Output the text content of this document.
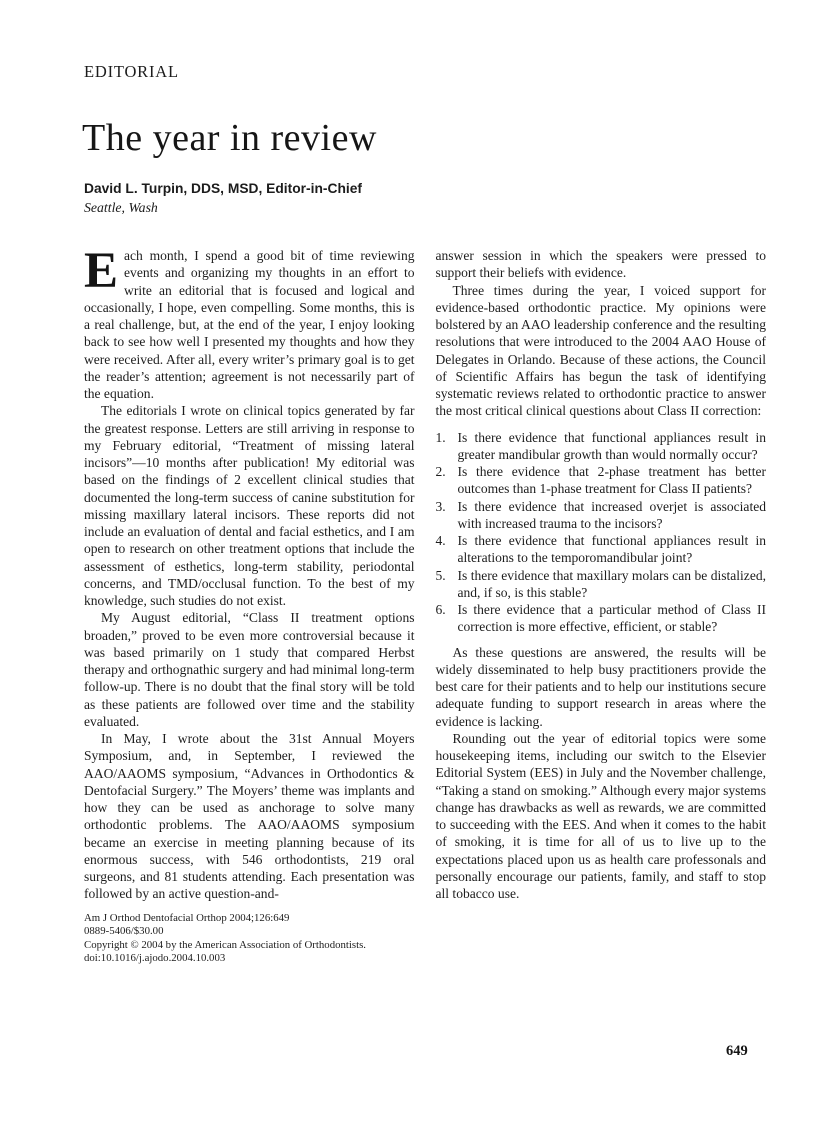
EDITORIAL
The year in review
David L. Turpin, DDS, MSD, Editor-in-Chief
Seattle, Wash

Each month, I spend a good bit of time reviewing events and organizing my thoughts in an effort to write an editorial that is focused and logical and occasionally, I hope, even compelling. Some months, this is a real challenge, but, at the end of the year, I enjoy looking back to see how well I presented my thoughts and how they were received. After all, every writer’s primary goal is to get the reader’s attention; agreement is not necessarily part of the equation.

The editorials I wrote on clinical topics generated by far the greatest response. Letters are still arriving in response to my February editorial, “Treatment of missing lateral incisors”—10 months after publication! My editorial was based on the findings of 2 excellent clinical studies that documented the long-term success of canine substitution for missing maxillary lateral incisors. These reports did not include an evaluation of dental and facial esthetics, and I am open to research on other treatment options that include the assessment of esthetics, long-term stability, periodontal concerns, and TMD/occlusal function. To the best of my knowledge, such studies do not exist.

My August editorial, “Class II treatment options broaden,” proved to be even more controversial because it was based primarily on 1 study that compared Herbst therapy and orthognathic surgery and had minimal long-term follow-up. There is no doubt that the final story will be told as these patients are followed over time and the stability evaluated.

In May, I wrote about the 31st Annual Moyers Symposium, and, in September, I reviewed the AAO/AAOMS symposium, “Advances in Orthodontics & Dentofacial Surgery.” The Moyers’ theme was implants and how they can be used as anchorage to solve many orthodontic problems. The AAO/AAOMS symposium became an exercise in meeting planning because of its enormous success, with 546 orthodontists, 219 oral surgeons, and 81 students attending. Each presentation was followed by an active question-and-

Am J Orthod Dentofacial Orthop 2004;126:649
0889-5406/$30.00
Copyright © 2004 by the American Association of Orthodontists.
doi:10.1016/j.ajodo.2004.10.003

answer session in which the speakers were pressed to support their beliefs with evidence.

Three times during the year, I voiced support for evidence-based orthodontic practice. My opinions were bolstered by an AAO leadership conference and the resulting resolutions that were introduced to the 2004 AAO House of Delegates in Orlando. Because of these actions, the Council of Scientific Affairs has begun the task of identifying systematic reviews related to orthodontic practice to answer the most critical clinical questions about Class II correction:

1. Is there evidence that functional appliances result in greater mandibular growth than would normally occur?
2. Is there evidence that 2-phase treatment has better outcomes than 1-phase treatment for Class II patients?
3. Is there evidence that increased overjet is associated with increased trauma to the incisors?
4. Is there evidence that functional appliances result in alterations to the temporomandibular joint?
5. Is there evidence that maxillary molars can be distalized, and, if so, is this stable?
6. Is there evidence that a particular method of Class II correction is more effective, efficient, or stable?

As these questions are answered, the results will be widely disseminated to help busy practitioners provide the best care for their patients and to help our institutions secure adequate funding to support research in areas where the evidence is lacking.

Rounding out the year of editorial topics were some housekeeping items, including our switch to the Elsevier Editorial System (EES) in July and the November challenge, “Taking a stand on smoking.” Although every major systems change has drawbacks as well as rewards, we are committed to succeeding with the EES. And when it comes to the habit of smoking, it is time for all of us to live up to the expectations placed upon us as health care professonals and personally encourage our patients, family, and staff to stop all tobacco use.

649
